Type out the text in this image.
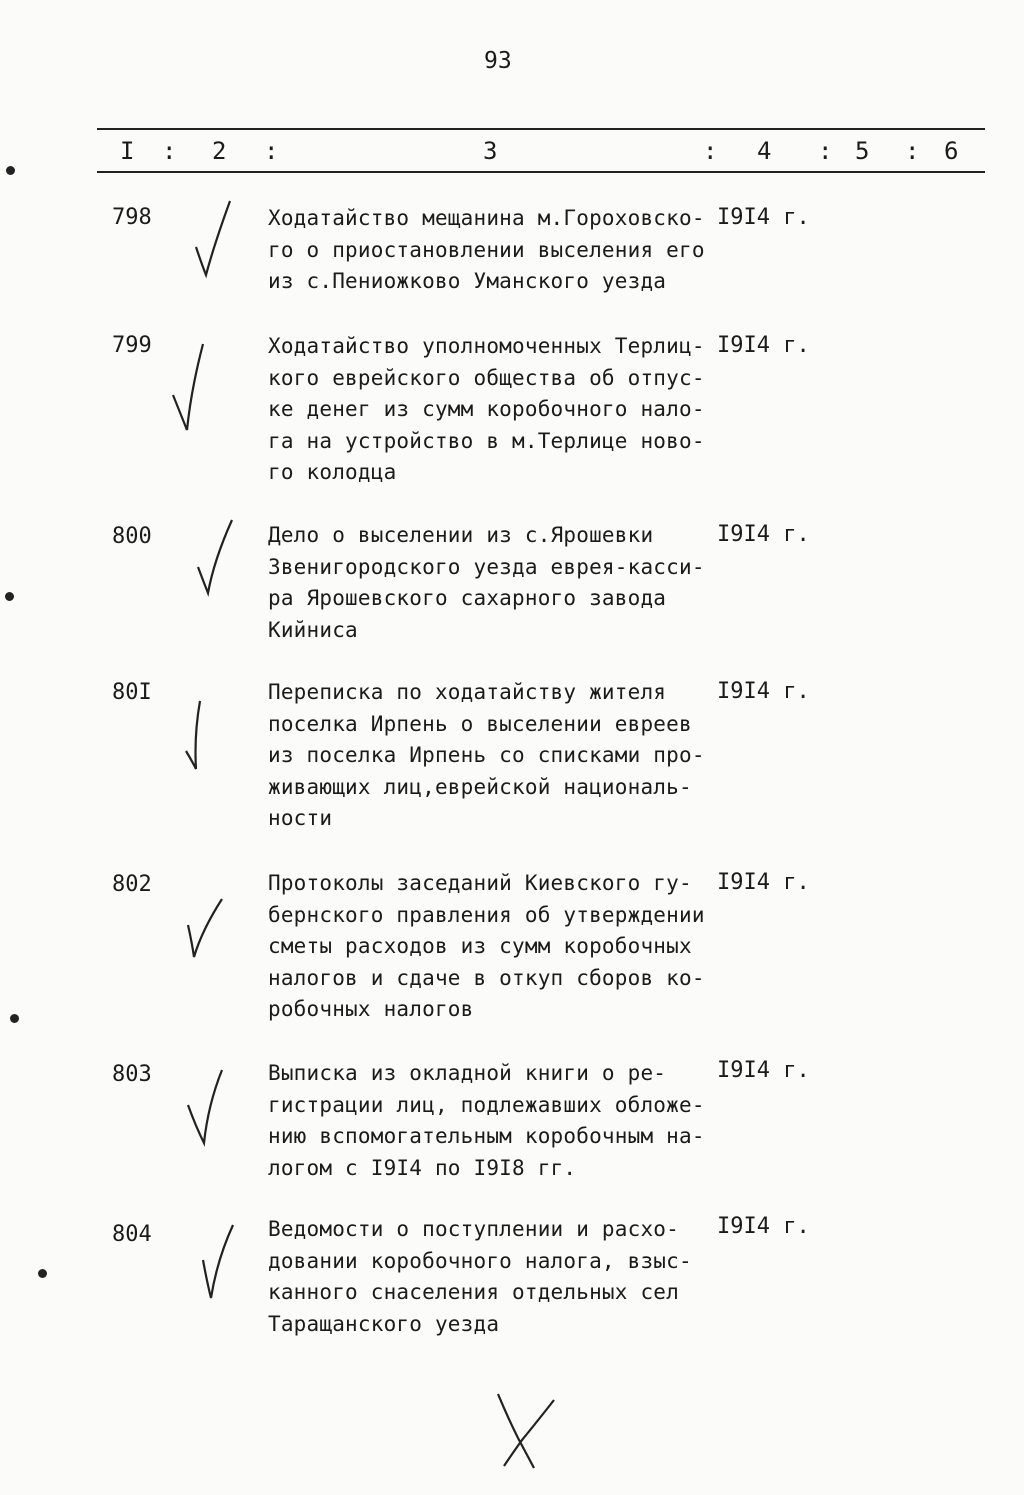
93
I : 2 :	3	: 4 : 5 : 6
798	Ходатайство мещанина м.Гороховско-
го о приостановлении выселения его
из с.Пениожково Уманского уезда
I9I4 г.
799	Ходатайство уполномоченных Терлиц-
кого еврейского общества об отпус-
ке денег из сумм коробочного нало-
га на устройство в м.Терлице ново-
го колодца
I9I4 г.
800	Дело о выселении из с.Ярошевки
Звенигородского уезда еврея-касси-
ра Ярошевского сахарного завода
Кийниса
I9I4 г.
80I	Переписка по ходатайству жителя
поселка Ирпень о выселении евреев
из поселка Ирпень со списками про-
живающих лиц,еврейской националь-
ности
I9I4 г.
802	Протоколы заседаний Киевского гу-
бернского правления об утверждении
сметы расходов из сумм коробочных
налогов и сдаче в откуп сборов ко-
робочных налогов
I9I4 г.
803	Выписка из окладной книги о ре-
гистрации лиц, подлежавших обложе-
нию вспомогательным коробочным на-
логом с I9I4 по I9I8 гг.
I9I4 г.
804	Ведомости о поступлении и расхо-
довании коробочного налога, взыс-
канного снаселения отдельных сел
Таращанского уезда
I9I4 г.
